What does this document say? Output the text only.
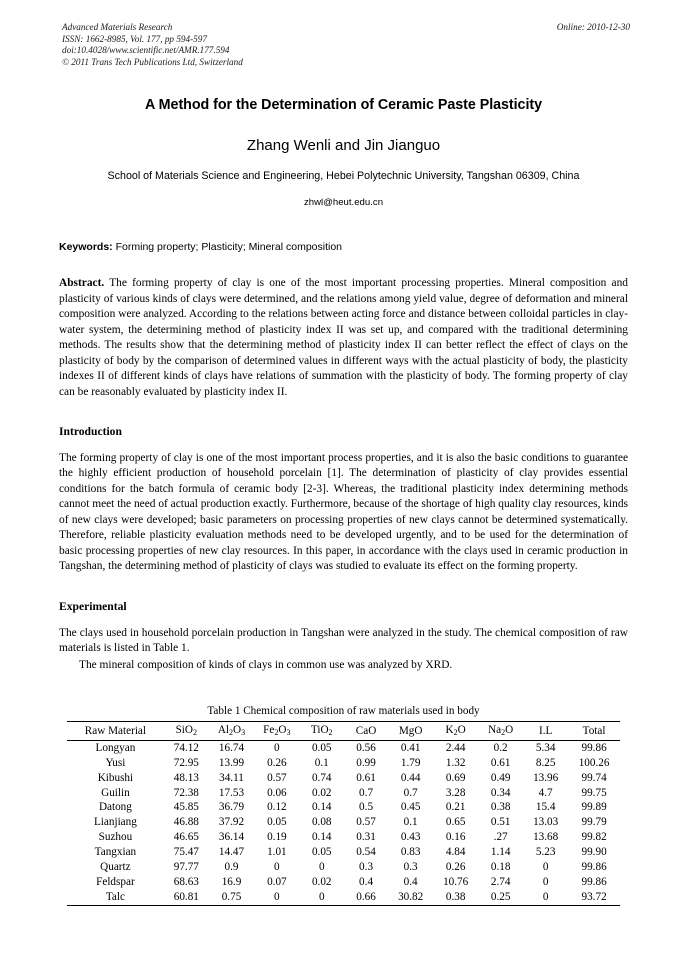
Advanced Materials Research
ISSN: 1662-8985, Vol. 177, pp 594-597
doi:10.4028/www.scientific.net/AMR.177.594
© 2011 Trans Tech Publications Ltd, Switzerland
Online: 2010-12-30
A Method for the Determination of Ceramic Paste Plasticity
Zhang Wenli and Jin Jianguo
School of Materials Science and Engineering, Hebei Polytechnic University, Tangshan 06309, China
zhwl@heut.edu.cn
Keywords: Forming property; Plasticity; Mineral composition

Abstract. The forming property of clay is one of the most important processing properties. Mineral composition and plasticity of various kinds of clays were determined, and the relations among yield value, degree of deformation and mineral composition were analyzed. According to the relations between acting force and distance between colloidal particles in clay-water system, the determining method of plasticity index II was set up, and compared with the traditional determining methods. The results show that the determining method of plasticity index II can better reflect the effect of clays on the plasticity of body by the comparison of determined values in different ways with the actual plasticity of body, the plasticity indexes II of different kinds of clays have relations of summation with the plasticity of body. The forming property of clay can be reasonably evaluated by plasticity index II.

Introduction

The forming property of clay is one of the most important process properties, and it is also the basic conditions to guarantee the highly efficient production of household porcelain [1]. The determination of plasticity of clay provides essential conditions for the batch formula of ceramic body [2-3]. Whereas, the traditional plasticity index determining methods cannot meet the need of actual production exactly. Furthermore, because of the shortage of high quality clay resources, kinds of new clays were developed; basic parameters on processing properties of new clays cannot be determined systematically. Therefore, reliable plasticity evaluation methods need to be developed urgently, and to be used for the determination of basic processing properties of new clay resources. In this paper, in accordance with the clays used in ceramic production in Tangshan, the determining method of plasticity of clays was studied to evaluate its effect on the forming property.

Experimental

The clays used in household porcelain production in Tangshan were analyzed in the study. The chemical composition of raw materials is listed in Table 1.

The mineral composition of kinds of clays in common use was analyzed by XRD.
Table 1 Chemical composition of raw materials used in body
Raw Material	SiO$_2$	$Al_2O_3$	$Fe_2O_3$	TiO$_2$	CaO	MgO	$K_2O$	$Na_2O$	I.L	Total
Longyan	74.12	16.74	0	0.05	0.56	0.41	2.44	0.2	5.34	99.86
Yusi	72.95	13.99	0.26	0.1	0.99	1.79	1.32	0.61	8.25	100.26
Kibushi	48.13	34.11	0.57	0.74	0.61	0.44	0.69	0.49	13.96	99.74
Guilin	72.38	17.53	0.06	0.02	0.7	0.7	3.28	0.34	4.7	99.75
Datong	45.85	36.79	0.12	0.14	0.5	0.45	0.21	0.38	15.4	99.89
Lianjiang	46.88	37.92	0.05	0.08	0.57	0.1	0.65	0.51	13.03	99.79
Suzhou	46.65	36.14	0.19	0.14	0.31	0.43	0.16	.27	13.68	99.82
Tangxian	75.47	14.47	1.01	0.05	0.54	0.83	4.84	1.14	5.23	99.90
Quartz	97.77	0.9	0	0	0.3	0.3	0.26	0.18	0	99.86
Feldspar	68.63	16.9	0.07	0.02	0.4	0.4	10.76	2.74	0	99.86
Talc	60.81	0.75	0	0	0.66	30.82	0.38	0.25	0	93.72
